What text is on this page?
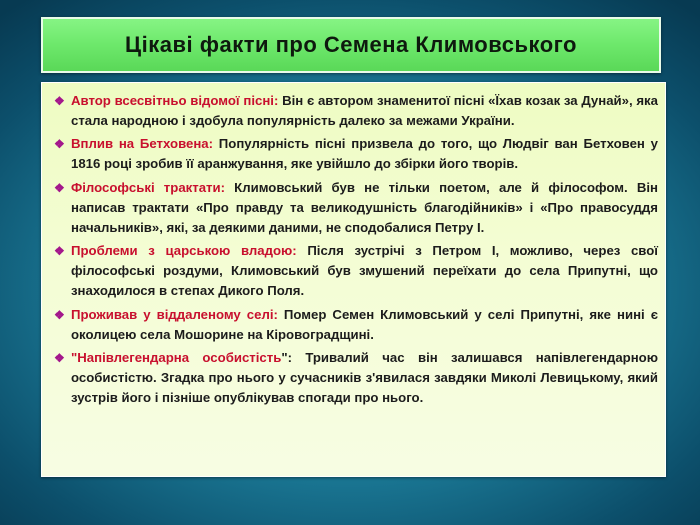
Цікаві факти про Семена Климовського
❖ Автор всесвітньо відомої пісні: Він є автором знаменитої пісні «Їхав козак за Дунай», яка стала народною і здобула популярність далеко за межами України.
❖ Вплив на Бетховена: Популярність пісні призвела до того, що Людвіг ван Бетховен у 1816 році зробив її аранжування, яке увійшло до збірки його творів.
❖ Філософські трактати: Климовський був не тільки поетом, але й філософом. Він написав трактати «Про правду та великодушність благодійників» і «Про правосуддя начальників», які, за деякими даними, не сподобалися Петру І.
❖ Проблеми з царською владою: Після зустрічі з Петром І, можливо, через свої філософські роздуми, Климовський був змушений переїхати до села Припутні, що знаходилося в степах Дикого Поля.
❖ Проживав у віддаленому селі: Помер Семен Климовський у селі Припутні, яке нині є околицею села Мошорине на Кіровоградщині.
❖ "Напівлегендарна особистість": Тривалий час він залишався напівлегендарною особистістю. Згадка про нього у сучасників з'явилася завдяки Миколі Левицькому, який зустрів його і пізніше опублікував спогади про нього.
